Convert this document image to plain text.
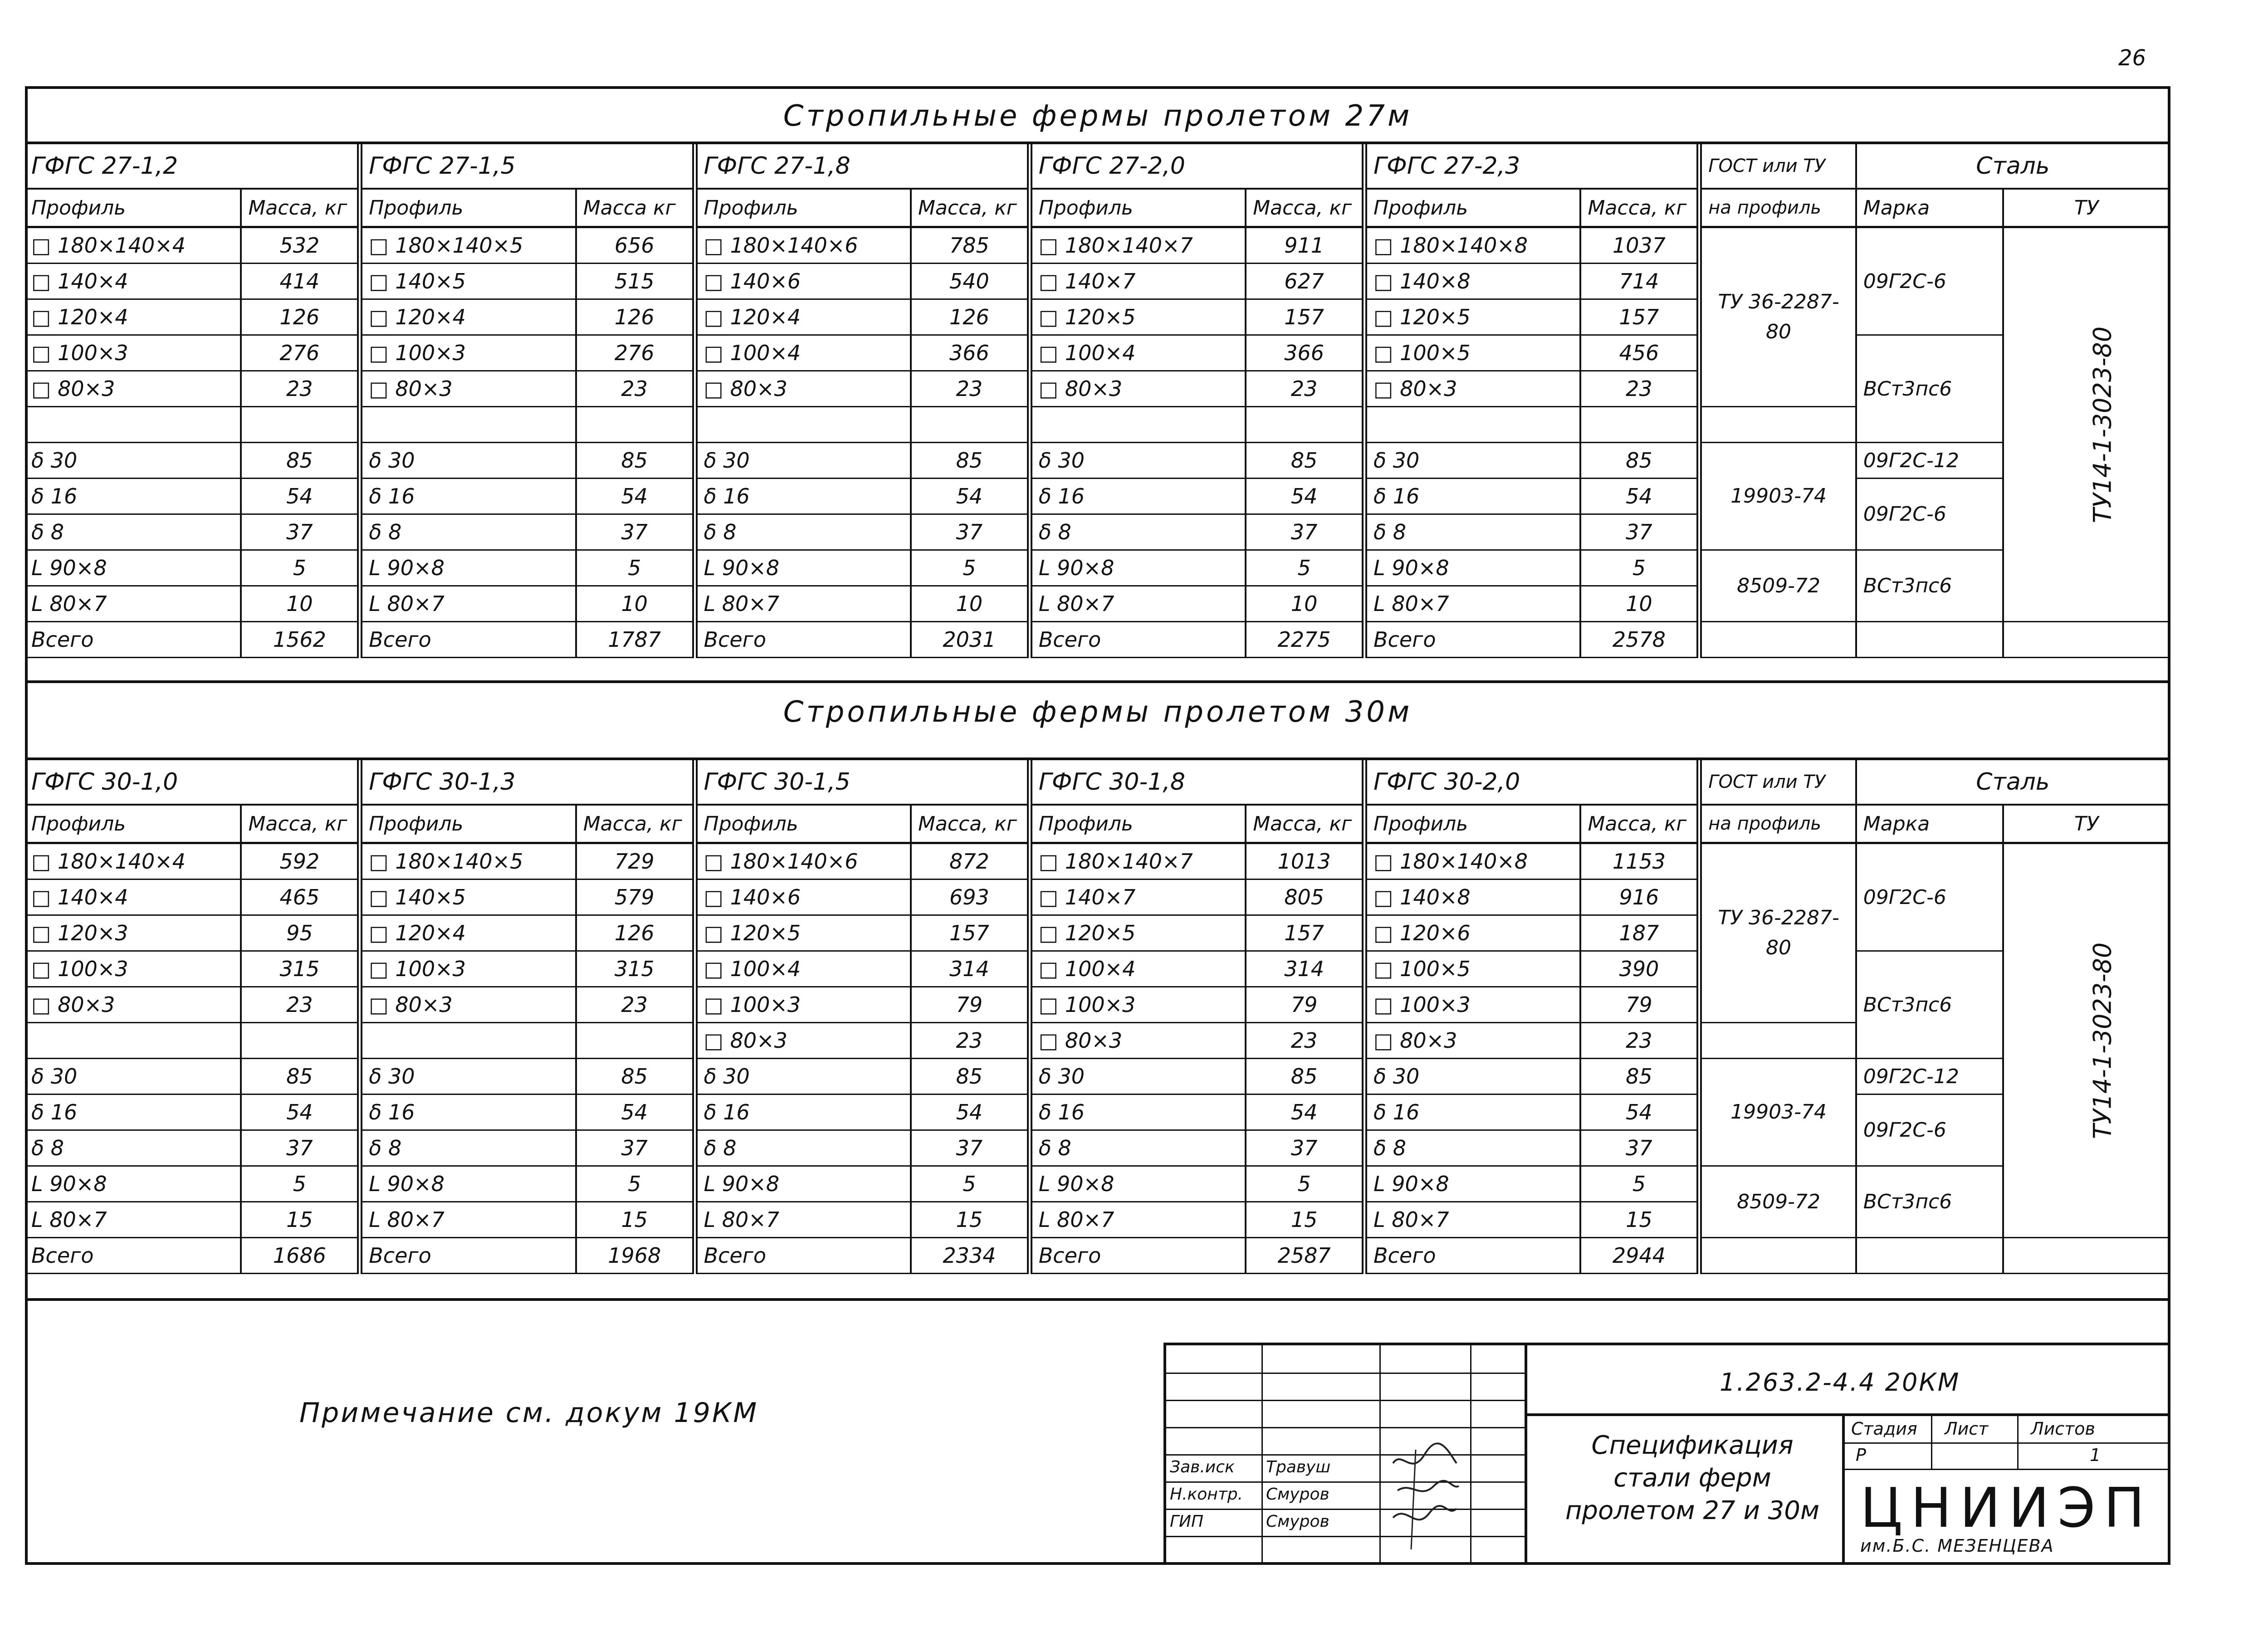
26
Стропильные фермы пролетом 27м
ГФГС 27-1,2		ГФГС 27-1,5		ГФГС 27-1,8		ГФГС 27-2,0		ГФГС 27-2,3		ГОСТ или ТУ	Сталь	
Профиль	Масса, кг	Профиль	Масса кг	Профиль	Масса, кг	Профиль	Масса, кг	Профиль	Масса, кг	на профиль	Марка	ТУ
□ 180×140×4	532	□ 180×140×5	656	□ 180×140×6	785	□ 180×140×7	911	□ 180×140×8	1037	ТУ 36-2287-80	09Г2С-6	ТУ14-1-3023-80
□ 140×4	414	□ 140×5	515	□ 140×6	540	□ 140×7	627	□ 140×8	714			
□ 120×4	126	□ 120×4	126	□ 120×4	126	□ 120×5	157	□ 120×5	157			
□ 100×3	276	□ 100×3	276	□ 100×4	366	□ 100×4	366	□ 100×5	456		ВСт3пс6	
□ 80×3	23	□ 80×3	23	□ 80×3	23	□ 80×3	23	□ 80×3	23			

δ 30	85	δ 30	85	δ 30	85	δ 30	85	δ 30	85	19903-74	09Г2С-12	
δ 16	54	δ 16	54	δ 16	54	δ 16	54	δ 16	54		09Г2С-6	
δ 8	37	δ 8	37	δ 8	37	δ 8	37	δ 8	37			
L 90×8	5	L 90×8	5	L 90×8	5	L 90×8	5	L 90×8	5	8509-72	ВСт3пс6	
L 80×7	10	L 80×7	10	L 80×7	10	L 80×7	10	L 80×7	10			
Всего	1562	Всего	1787	Всего	2031	Всего	2275	Всего	2578			
Стропильные фермы пролетом 30м
ГФГС 30-1,0		ГФГС 30-1,3		ГФГС 30-1,5		ГФГС 30-1,8		ГФГС 30-2,0		ГОСТ или ТУ	Сталь	
Профиль	Масса, кг	Профиль	Масса, кг	Профиль	Масса, кг	Профиль	Масса, кг	Профиль	Масса, кг	на профиль	Марка	ТУ
□ 180×140×4	592	□ 180×140×5	729	□ 180×140×6	872	□ 180×140×7	1013	□ 180×140×8	1153	ТУ 36-2287-80	09Г2С-6	ТУ14-1-3023-80
□ 140×4	465	□ 140×5	579	□ 140×6	693	□ 140×7	805	□ 140×8	916			
□ 120×3	95	□ 120×4	126	□ 120×5	157	□ 120×5	157	□ 120×6	187			
□ 100×3	315	□ 100×3	315	□ 100×4	314	□ 100×4	314	□ 100×5	390		ВСт3пс6	
□ 80×3	23	□ 80×3	23	□ 100×3	79	□ 100×3	79	□ 100×3	79			
				□ 80×3	23	□ 80×3	23	□ 80×3	23			
δ 30	85	δ 30	85	δ 30	85	δ 30	85	δ 30	85	19903-74	09Г2С-12	
δ 16	54	δ 16	54	δ 16	54	δ 16	54	δ 16	54		09Г2С-6	
δ 8	37	δ 8	37	δ 8	37	δ 8	37	δ 8	37			
L 90×8	5	L 90×8	5	L 90×8	5	L 90×8	5	L 90×8	5	8509-72	ВСт3пс6	
L 80×7	15	L 80×7	15	L 80×7	15	L 80×7	15	L 80×7	15			
Всего	1686	Всего	1968	Всего	2334	Всего	2587	Всего	2944			
Примечание см. докум 19КМ
Зав.иск Травуш
Н.контр. Смуров
ГИП	Смуров
1.263.2-4.4 20КМ
Спецификация стали ферм пролетом 27 и 30м
Стадия Лист Листов
Р	1
ЦНИИЭП
им.Б.С. МЕЗЕНЦЕВА
